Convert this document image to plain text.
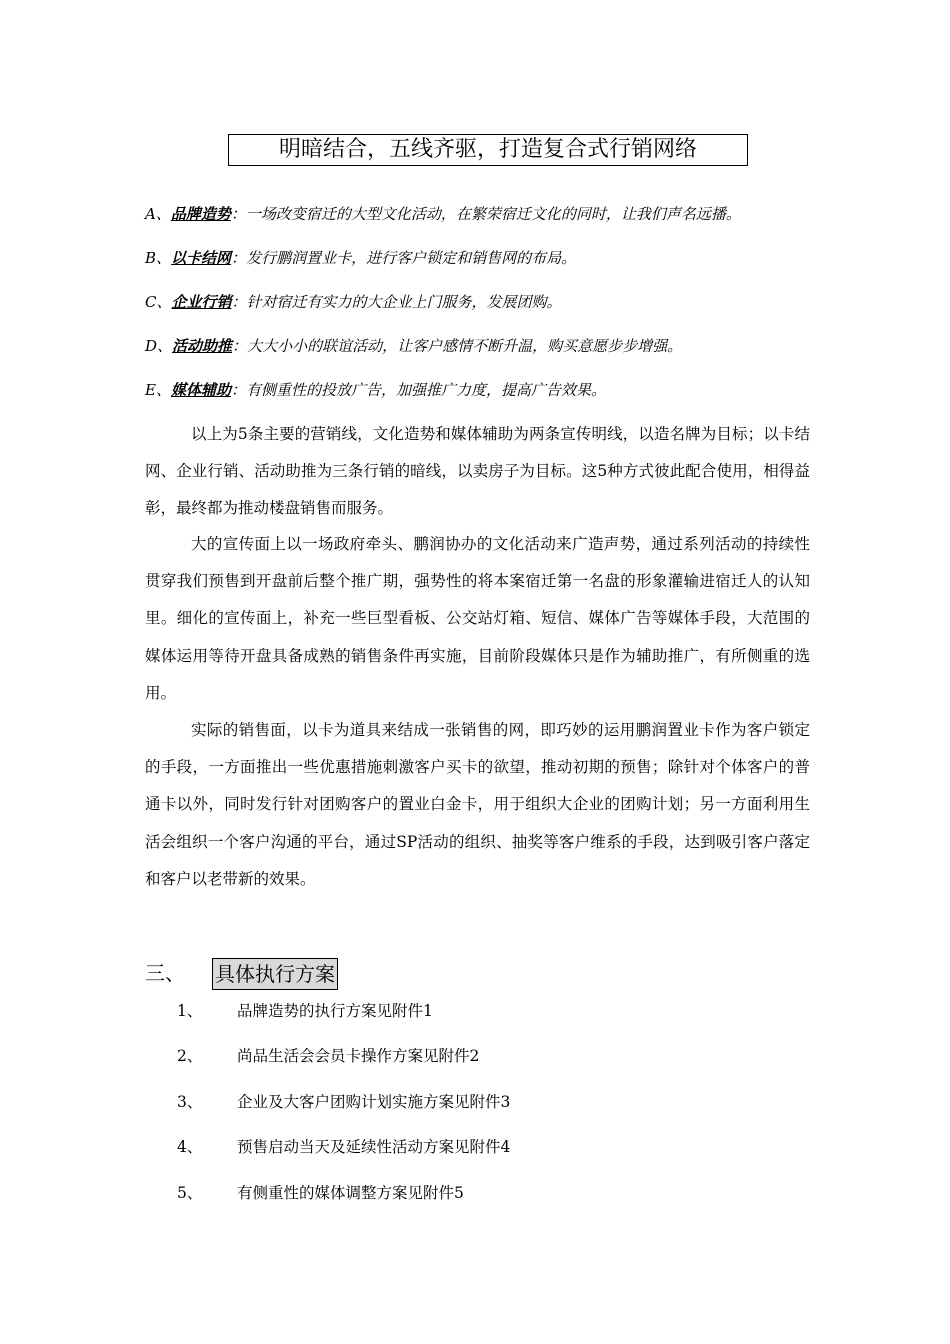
明暗结合，五线齐驱，打造复合式行销网络
A、品牌造势：一场改变宿迁的大型文化活动，在繁荣宿迁文化的同时，让我们声名远播。
B、以卡结网：发行鹏润置业卡，进行客户锁定和销售网的布局。
C、企业行销：针对宿迁有实力的大企业上门服务，发展团购。
D、活动助推：大大小小的联谊活动，让客户感情不断升温，购买意愿步步增强。
E、媒体辅助：有侧重性的投放广告，加强推广力度，提高广告效果。

以上为5条主要的营销线，文化造势和媒体辅助为两条宣传明线，以造名牌为目标；以卡结网、企业行销、活动助推为三条行销的暗线，以卖房子为目标。这5种方式彼此配合使用，相得益彰，最终都为推动楼盘销售而服务。

大的宣传面上以一场政府牵头、鹏润协办的文化活动来广造声势，通过系列活动的持续性贯穿我们预售到开盘前后整个推广期，强势性的将本案宿迁第一名盘的形象灌输进宿迁人的认知里。细化的宣传面上，补充一些巨型看板、公交站灯箱、短信、媒体广告等媒体手段，大范围的媒体运用等待开盘具备成熟的销售条件再实施，目前阶段媒体只是作为辅助推广，有所侧重的选用。

实际的销售面，以卡为道具来结成一张销售的网，即巧妙的运用鹏润置业卡作为客户锁定的手段，一方面推出一些优惠措施刺激客户买卡的欲望，推动初期的预售；除针对个体客户的普通卡以外，同时发行针对团购客户的置业白金卡，用于组织大企业的团购计划；另一方面利用生活会组织一个客户沟通的平台，通过SP活动的组织、抽奖等客户维系的手段，达到吸引客户落定和客户以老带新的效果。

三、 具体执行方案
1、 品牌造势的执行方案见附件1
2、 尚品生活会会员卡操作方案见附件2
3、 企业及大客户团购计划实施方案见附件3
4、 预售启动当天及延续性活动方案见附件4
5、 有侧重性的媒体调整方案见附件5
